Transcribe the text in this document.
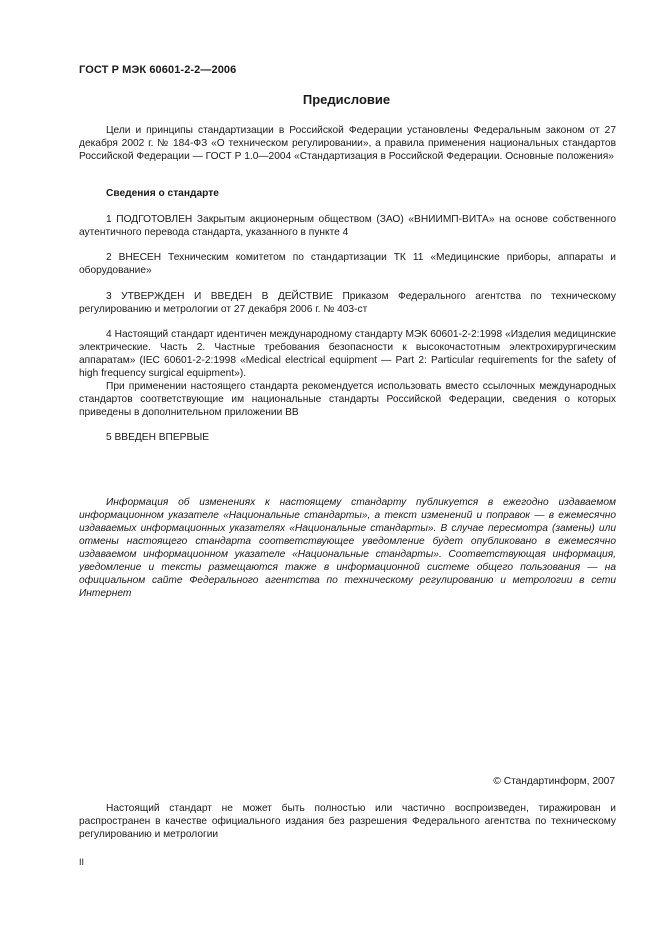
ГОСТ Р МЭК 60601-2-2—2006
Предисловие

Цели и принципы стандартизации в Российской Федерации установлены Федеральным законом от 27 декабря 2002 г. № 184-ФЗ «О техническом регулировании», а правила применения национальных стандартов Российской Федерации — ГОСТ Р 1.0—2004 «Стандартизация в Российской Федерации. Основные положения»

Сведения о стандарте

1 ПОДГОТОВЛЕН Закрытым акционерным обществом (ЗАО) «ВНИИМП-ВИТА» на основе собственного аутентичного перевода стандарта, указанного в пункте 4

2 ВНЕСЕН Техническим комитетом по стандартизации ТК 11 «Медицинские приборы, аппараты и оборудование»

3 УТВЕРЖДЕН И ВВЕДЕН В ДЕЙСТВИЕ Приказом Федерального агентства по техническому регулированию и метрологии от 27 декабря 2006 г. № 403-ст

4 Настоящий стандарт идентичен международному стандарту МЭК 60601-2-2:1998 «Изделия медицинские электрические. Часть 2. Частные требования безопасности к высокочастотным электрохирургическим аппаратам» (IEC 60601-2-2:1998 «Medical electrical equipment — Part 2: Particular requirements for the safety of high frequency surgical equipment»).

При применении настоящего стандарта рекомендуется использовать вместо ссылочных международных стандартов соответствующие им национальные стандарты Российской Федерации, сведения о которых приведены в дополнительном приложении ВВ

5 ВВЕДЕН ВПЕРВЫЕ

Информация об изменениях к настоящему стандарту публикуется в ежегодно издаваемом информационном указателе «Национальные стандарты», а текст изменений и поправок — в ежемесячно издаваемых информационных указателях «Национальные стандарты». В случае пересмотра (замены) или отмены настоящего стандарта соответствующее уведомление будет опубликовано в ежемесячно издаваемом информационном указателе «Национальные стандарты». Соответствующая информация, уведомление и тексты размещаются также в информационной системе общего пользования — на официальном сайте Федерального агентства по техническому регулированию и метрологии в сети Интернет

© Стандартинформ, 2007

Настоящий стандарт не может быть полностью или частично воспроизведен, тиражирован и распространен в качестве официального издания без разрешения Федерального агентства по техническому регулированию и метрологии

II
